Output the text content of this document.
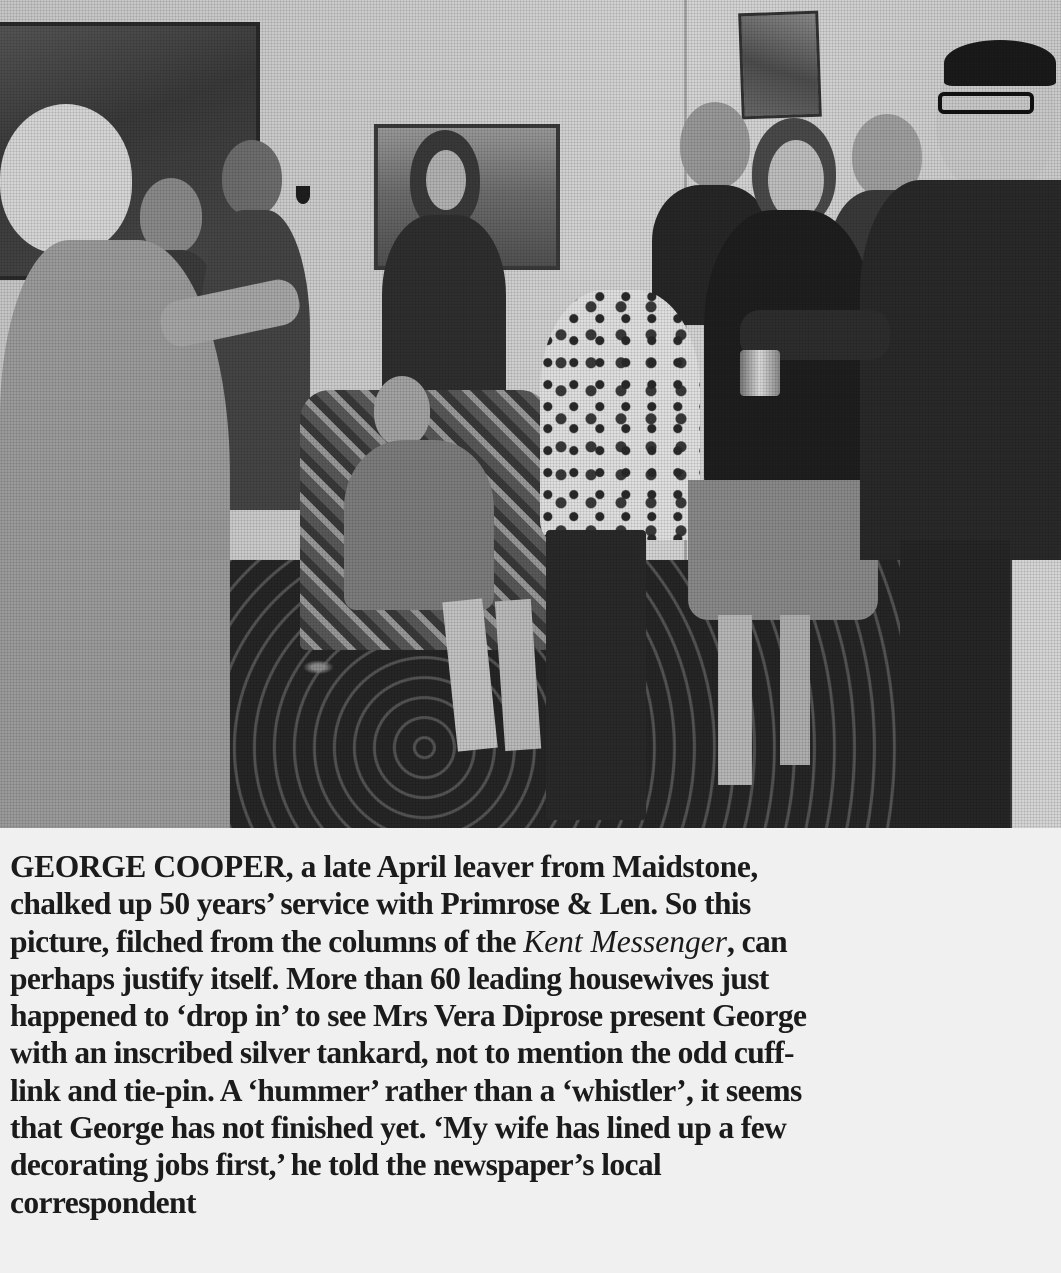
GEORGE COOPER, a late April leaver from Maidstone,
chalked up 50 years’ service with Primrose & Len. So this
picture, filched from the columns of the Kent Messenger, can
perhaps justify itself. More than 60 leading housewives just
happened to ‘drop in’ to see Mrs Vera Diprose present George
with an inscribed silver tankard, not to mention the odd cuff-
link and tie-pin. A ‘hummer’ rather than a ‘whistler’, it seems
that George has not finished yet. ‘My wife has lined up a few
decorating jobs first,’ he told the newspaper’s local
correspondent
